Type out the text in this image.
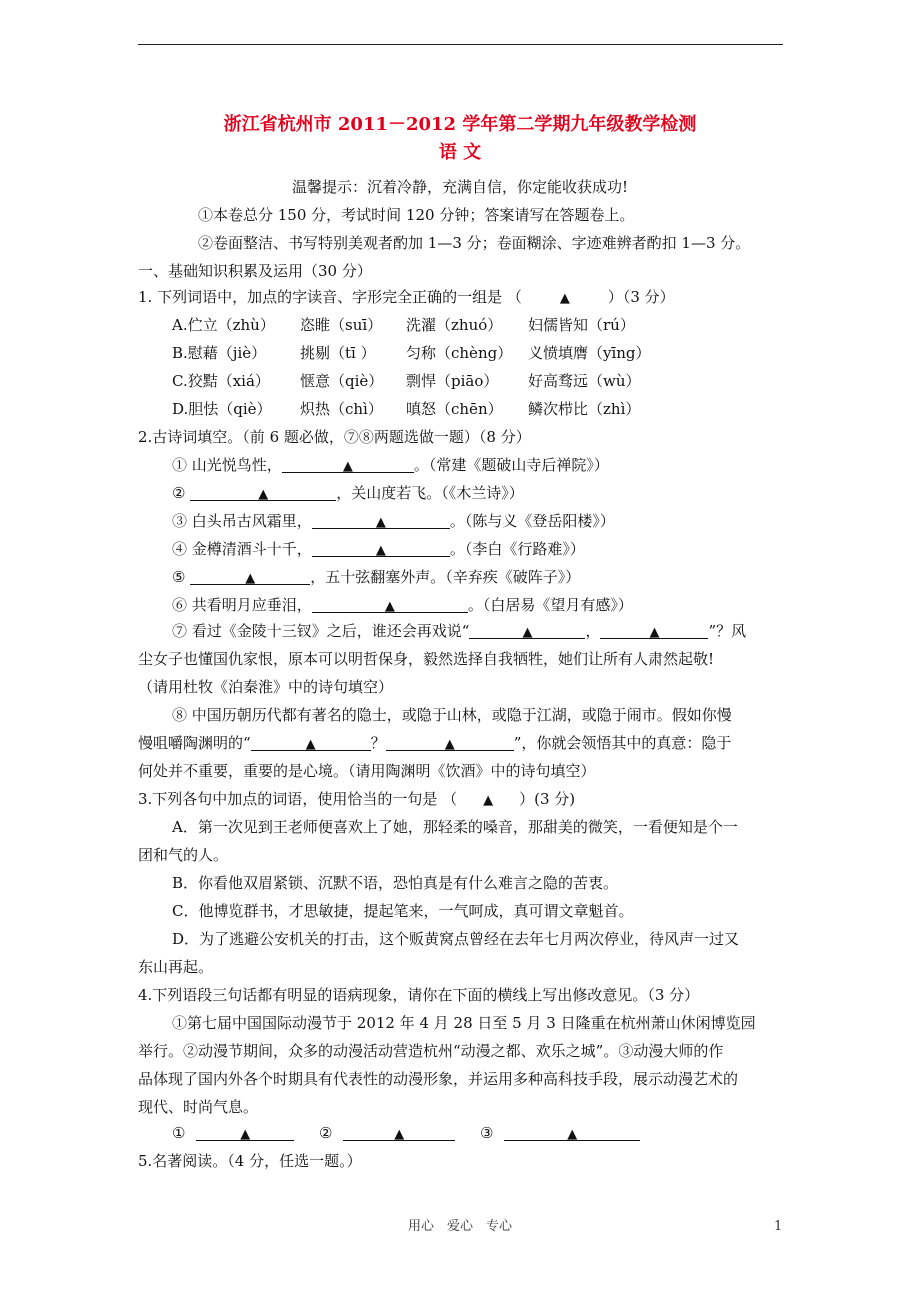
浙江省杭州市 2011－2012 学年第二学期九年级教学检测
语 文
温馨提示：沉着冷静，充满自信，你定能收获成功!
①本卷总分 150 分，考试时间 120 分钟；答案请写在答题卷上。
②卷面整洁、书写特别美观者酌加 1—3 分；卷面糊涂、字迹难辨者酌扣 1—3 分。
一、基础知识积累及运用（30 分）
1. 下列词语中，加点的字读音、字形完全正确的一组是 （	▲	）（3 分）
A.伫立（zhù） 恣睢（suī） 洗濯（zhuó） 妇儒皆知（rú）
B.慰藉（jiè） 挑剔（tī ） 匀称（chèng） 义愤填膺（yīng）
C.狡黠（xiá） 惬意（qiè） 剽悍（piāo） 好高骛远（wù）
D.胆怯（qiè） 炽热（chì） 嗔怒（chēn） 鳞次栉比（zhì）
2.古诗词填空。（前 6 题必做，⑦⑧两题选做一题）（8 分）
① 山光悦鸟性，	▲	。（常建《题破山寺后禅院》）
②	▲	，关山度若飞。（《木兰诗》）
③ 白头吊古风霜里，	▲	。（陈与义《登岳阳楼》）
④ 金樽清酒斗十千，	▲	。（李白《行路难》）
⑤	▲	，五十弦翻塞外声。（辛弃疾《破阵子》）
⑥ 共看明月应垂泪，	▲	。（白居易《望月有感》）
⑦ 看过《金陵十三钗》之后，谁还会再戏说“	▲	，	▲	”？风
尘女子也懂国仇家恨，原本可以明哲保身，毅然选择自我牺牲，她们让所有人肃然起敬!
（请用杜牧《泊秦淮》中的诗句填空）
⑧ 中国历朝历代都有著名的隐士，或隐于山林，或隐于江湖，或隐于闹市。假如你慢
慢咀嚼陶渊明的“	▲	？	▲	”，你就会领悟其中的真意：隐于
何处并不重要，重要的是心境。（请用陶渊明《饮酒》中的诗句填空）
3.下列各句中加点的词语，使用恰当的一句是 （ ▲ ）(3 分)
A．第一次见到王老师便喜欢上了她，那轻柔的嗓音，那甜美的微笑，一看便知是个一
团和气的人。
B．你看他双眉紧锁、沉默不语，恐怕真是有什么难言之隐的苦衷。
C．他博览群书，才思敏捷，提起笔来，一气呵成，真可谓文章魁首。
D．为了逃避公安机关的打击，这个贩黄窝点曾经在去年七月两次停业，待风声一过又
东山再起。
4.下列语段三句话都有明显的语病现象，请你在下面的横线上写出修改意见。（3 分）
①第七届中国国际动漫节于 2012 年 4 月 28 日至 5 月 3 日隆重在杭州萧山休闲博览园
举行。②动漫节期间，众多的动漫活动营造杭州“动漫之都、欢乐之城”。③动漫大师的作
品体现了国内外各个时期具有代表性的动漫形象，并运用多种高科技手段，展示动漫艺术的
现代、时尚气息。
①	▲	②	▲	③	▲
5.名著阅读。（4 分，任选一题。）
用心　爱心　专心	1
